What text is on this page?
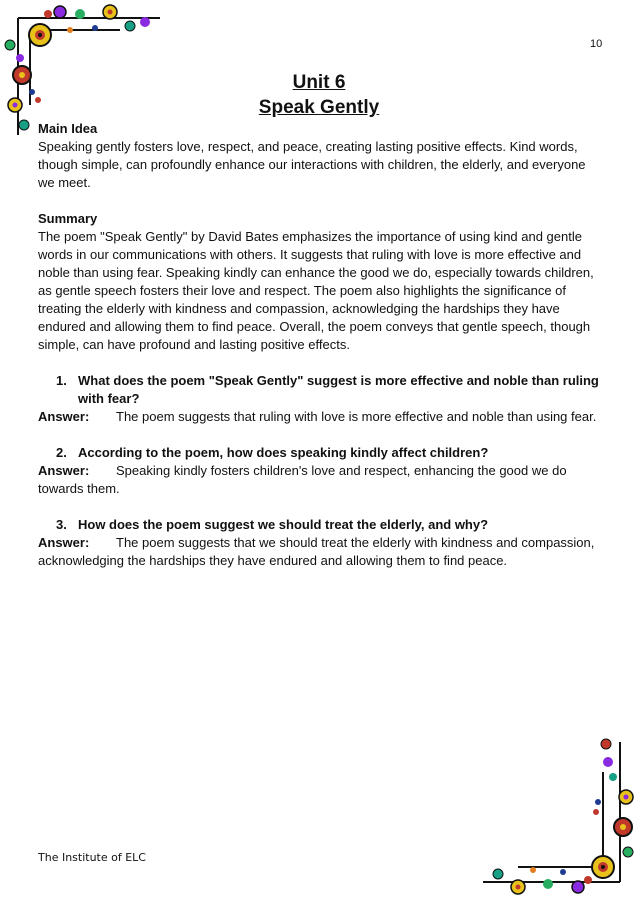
10
Unit 6
Speak Gently
Main Idea

Speaking gently fosters love, respect, and peace, creating lasting positive effects. Kind words, though simple, can profoundly enhance our interactions with children, the elderly, and everyone we meet.

Summary

The poem "Speak Gently" by David Bates emphasizes the importance of using kind and gentle words in our communications with others. It suggests that ruling with love is more effective and noble than using fear. Speaking kindly can enhance the good we do, especially towards children, as gentle speech fosters their love and respect. The poem also highlights the significance of treating the elderly with kindness and compassion, acknowledging the hardships they have endured and allowing them to find peace. Overall, the poem conveys that gentle speech, though simple, can have profound and lasting positive effects.

1. What does the poem "Speak Gently" suggest is more effective and noble than ruling with fear?
Answer: The poem suggests that ruling with love is more effective and noble than using fear.
2. According to the poem, how does speaking kindly affect children?
Answer: Speaking kindly fosters children's love and respect, enhancing the good we do towards them.
3. How does the poem suggest we should treat the elderly, and why?
Answer: The poem suggests that we should treat the elderly with kindness and compassion, acknowledging the hardships they have endured and allowing them to find peace.
The Institute of ELC
